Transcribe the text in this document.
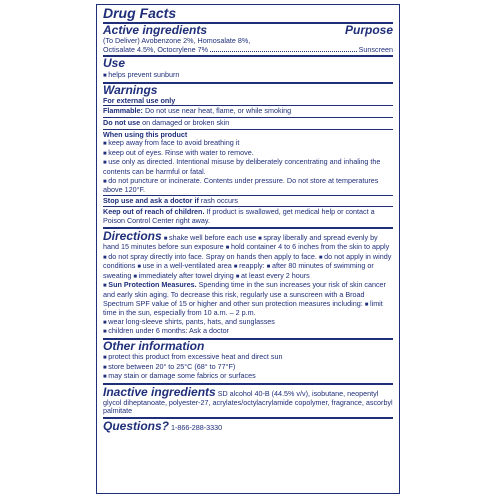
Drug Facts
Active ingredients	Purpose
(To Deliver) Avobenzone 2%, Homosalate 8%,
Octisalate 4.5%, Octocrylene 7%	Sunscreen
Use
■ helps prevent sunburn
Warnings
For external use only
Flammable: Do not use near heat, flame, or while smoking
Do not use on damaged or broken skin
When using this product
■ keep away from face to avoid breathing it
■ keep out of eyes. Rinse with water to remove.
■ use only as directed. Intentional misuse by deliberately concentrating and inhaling the contents can be harmful or fatal.
■ do not puncture or incinerate. Contents under pressure. Do not store at temperatures above 120°F.
Stop use and ask a doctor if rash occurs
Keep out of reach of children. If product is swallowed, get medical help or contact a Poison Control Center right away.
Directions ■ shake well before each use ■ spray liberally and spread evenly by hand 15 minutes before sun exposure ■ hold container 4 to 6 inches from the skin to apply ■ do not spray directly into face. Spray on hands then apply to face. ■ do not apply in windy conditions ■ use in a well-ventilated area ■ reapply: ■ after 80 minutes of swimming or sweating ■ immediately after towel drying ■ at least every 2 hours
■ Sun Protection Measures. Spending time in the sun increases your risk of skin cancer and early skin aging. To decrease this risk, regularly use a sunscreen with a Broad Spectrum SPF value of 15 or higher and other sun protection measures including: ■ limit time in the sun, especially from 10 a.m. – 2 p.m.
■ wear long-sleeve shirts, pants, hats, and sunglasses
■ children under 6 months: Ask a doctor
Other information
■ protect this product from excessive heat and direct sun
■ store between 20° to 25°C (68° to 77°F)
■ may stain or damage some fabrics or surfaces
Inactive ingredients SD alcohol 40-B (44.5% v/v), isobutane, neopentyl glycol diheptanoate, polyester-27, acrylates/octylacrylamide copolymer, fragrance, ascorbyl palmitate
Questions? 1-866-288-3330
